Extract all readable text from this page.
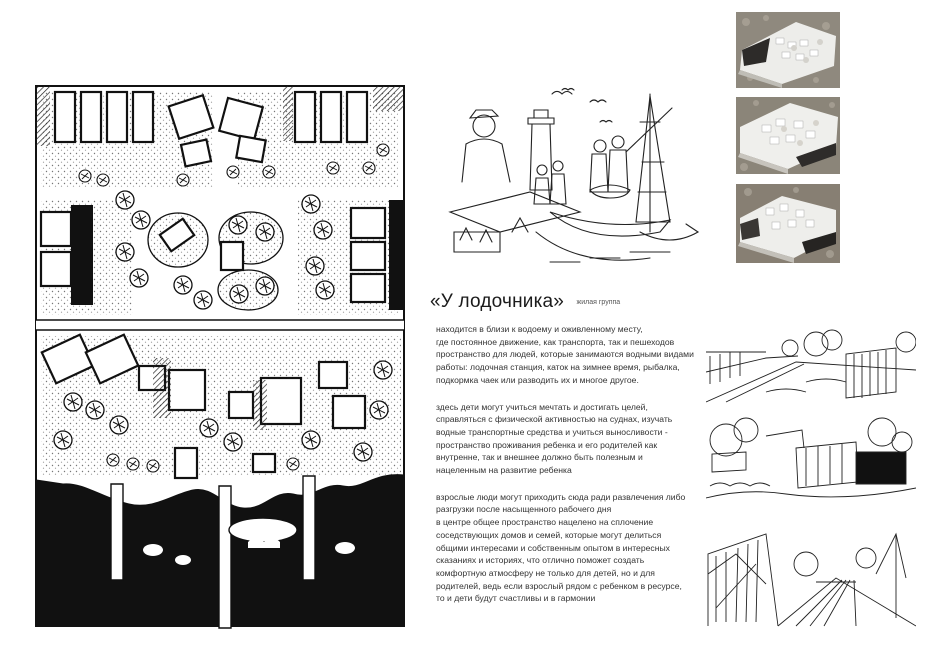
«У лодочника» жилая группа

находится в близи к водоему и оживленному месту,
где постоянное движение, как транспорта, так и пешеходов
пространство для людей, которые занимаются водными видами
работы: лодочная станция, каток на зимнее время, рыбалка,
подкормка чаек или разводить их и многое другое.

здесь дети могут учиться мечтать и достигать целей,
справляться с физической активностью на суднах, изучать
водные транспортные средства и учиться выносливости -
пространство проживания ребенка и его родителей как
внутренне, так и внешнее должно быть полезным и
нацеленным на развитие ребенка

взрослые люди могут приходить сюда ради развлечения либо
разгрузки после насыщенного рабочего дня
в центре общее пространство нацелено на сплочение
соседствующих домов и семей, которые могут делиться
общими интересами и собственным опытом в интересных
сказаниях и историях, что отлично поможет создать
комфортную атмосферу не только для детей, но и для
родителей, ведь если взрослый рядом с ребенком в ресурсе,
то и дети будут счастливы и в гармонии
